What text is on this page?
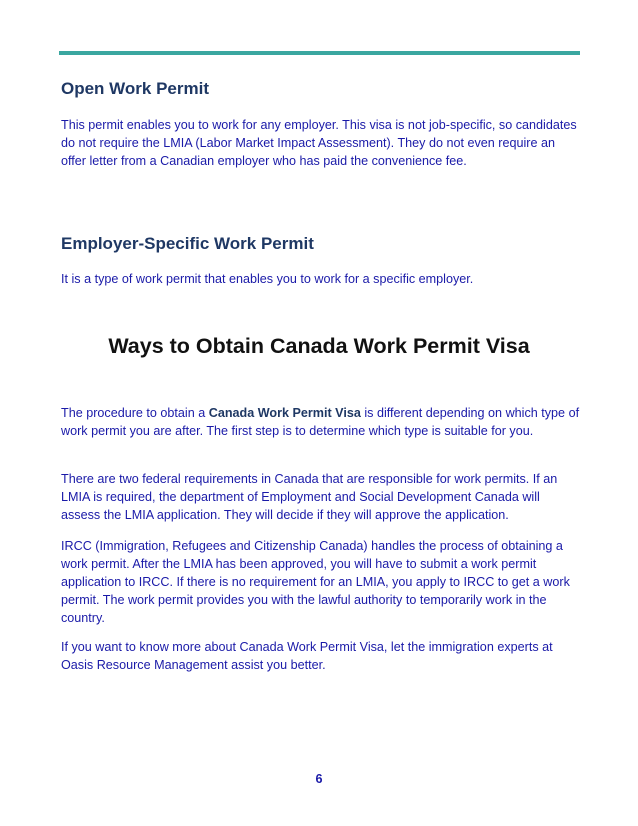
Open Work Permit

This permit enables you to work for any employer. This visa is not job-specific, so candidates do not require the LMIA (Labor Market Impact Assessment). They do not even require an offer letter from a Canadian employer who has paid the convenience fee.

Employer-Specific Work Permit

It is a type of work permit that enables you to work for a specific employer.

Ways to Obtain Canada Work Permit Visa

The procedure to obtain a Canada Work Permit Visa is different depending on which type of work permit you are after. The first step is to determine which type is suitable for you.

There are two federal requirements in Canada that are responsible for work permits. If an LMIA is required, the department of Employment and Social Development Canada will assess the LMIA application. They will decide if they will approve the application.

IRCC (Immigration, Refugees and Citizenship Canada) handles the process of obtaining a work permit. After the LMIA has been approved, you will have to submit a work permit application to IRCC. If there is no requirement for an LMIA, you apply to IRCC to get a work permit. The work permit provides you with the lawful authority to temporarily work in the country.

If you want to know more about Canada Work Permit Visa, let the immigration experts at Oasis Resource Management assist you better.

6
